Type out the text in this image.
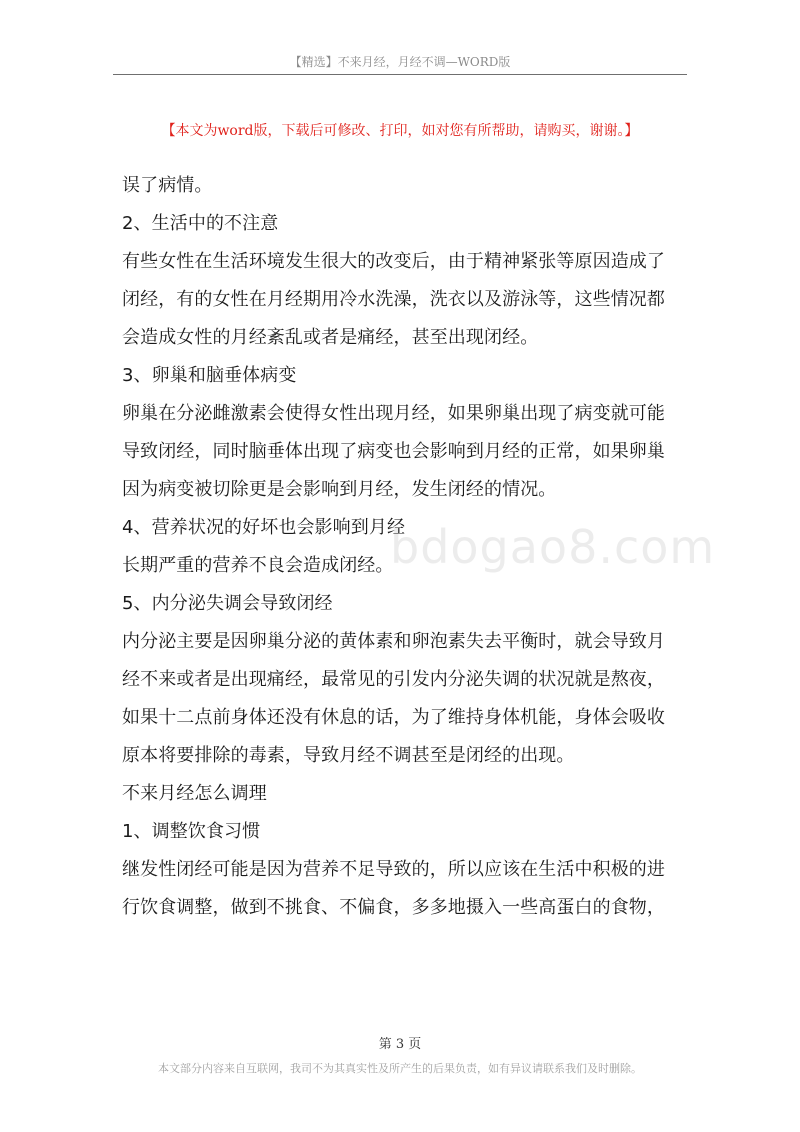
【精选】不来月经，月经不调—WORD版
【本文为word版，下载后可修改、打印，如对您有所帮助，请购买，谢谢。】
bdogao8.com
误了病情。
2、生活中的不注意
有些女性在生活环境发生很大的改变后，由于精神紧张等原因造成了
闭经，有的女性在月经期用冷水洗澡，洗衣以及游泳等，这些情况都
会造成女性的月经紊乱或者是痛经，甚至出现闭经。
3、卵巢和脑垂体病变
卵巢在分泌雌激素会使得女性出现月经，如果卵巢出现了病变就可能
导致闭经，同时脑垂体出现了病变也会影响到月经的正常，如果卵巢
因为病变被切除更是会影响到月经，发生闭经的情况。
4、营养状况的好坏也会影响到月经
长期严重的营养不良会造成闭经。
5、内分泌失调会导致闭经
内分泌主要是因卵巢分泌的黄体素和卵泡素失去平衡时，就会导致月
经不来或者是出现痛经，最常见的引发内分泌失调的状况就是熬夜，
如果十二点前身体还没有休息的话，为了维持身体机能，身体会吸收
原本将要排除的毒素，导致月经不调甚至是闭经的出现。
不来月经怎么调理
1、调整饮食习惯
继发性闭经可能是因为营养不足导致的，所以应该在生活中积极的进
行饮食调整，做到不挑食、不偏食，多多地摄入一些高蛋白的食物，
第 3 页
本文部分内容来自互联网，我司不为其真实性及所产生的后果负责，如有异议请联系我们及时删除。
